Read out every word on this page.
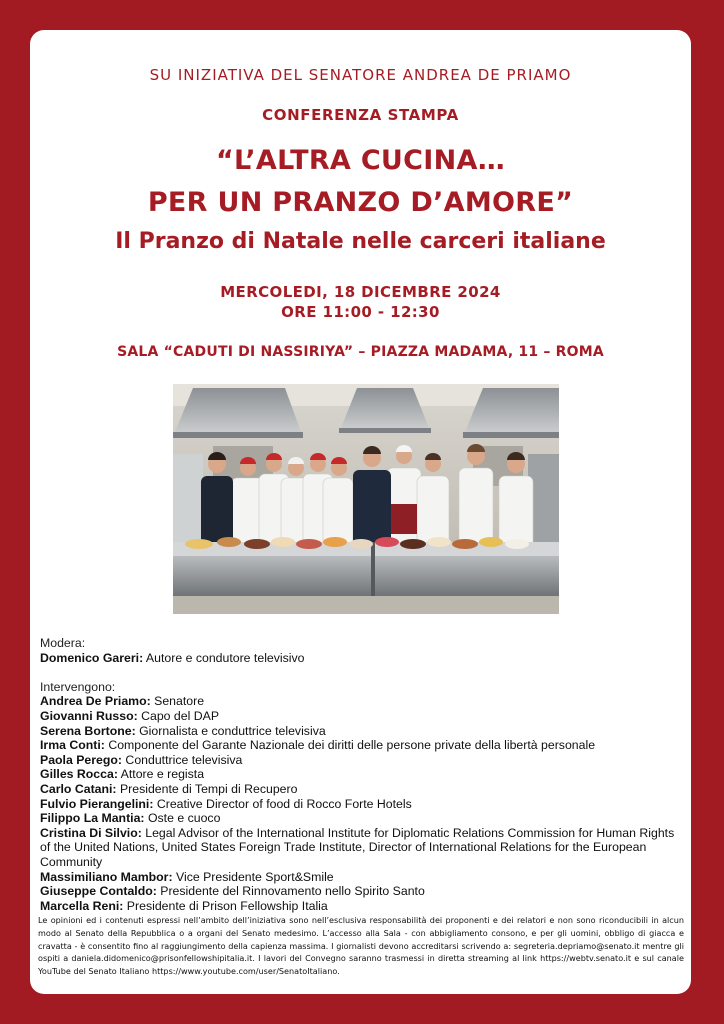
SU INIZIATIVA DEL SENATORE ANDREA DE PRIAMO
CONFERENZA STAMPA
“L’ALTRA CUCINA…
PER UN PRANZO D’AMORE”
Il Pranzo di Natale nelle carceri italiane
MERCOLEDI, 18 DICEMBRE 2024
ORE 11:00 - 12:30
SALA “CADUTI DI NASSIRIYA” – PIAZZA MADAMA, 11 – ROMA
Modera:
Domenico Gareri: Autore e condutore televisivo
Intervengono:
Andrea De Priamo: Senatore
Giovanni Russo: Capo del DAP
Serena Bortone: Giornalista e conduttrice televisiva
Irma Conti: Componente del Garante Nazionale dei diritti delle persone private della libertà personale
Paola Perego: Conduttrice televisiva
Gilles Rocca: Attore e regista
Carlo Catani: Presidente di Tempi di Recupero
Fulvio Pierangelini: Creative Director of food di Rocco Forte Hotels
Filippo La Mantia: Oste e cuoco
Cristina Di Silvio: Legal Advisor of the International Institute for Diplomatic Relations Commission for Human Rights of the United Nations, United States Foreign Trade Institute, Director of International Relations for the European Community
Massimiliano Mambor: Vice Presidente Sport&Smile
Giuseppe Contaldo: Presidente del Rinnovamento nello Spirito Santo
Marcella Reni: Presidente di Prison Fellowship Italia
Le opinioni ed i contenuti espressi nell’ambito dell’iniziativa sono nell’esclusiva responsabilità dei proponenti e dei relatori e non sono riconducibili in alcun modo al Senato della Repubblica o a organi del Senato medesimo. L’accesso alla Sala - con abbigliamento consono, e per gli uomini, obbligo di giacca e cravatta - è consentito fino al raggiungimento della capienza massima. I giornalisti devono accreditarsi scrivendo a: segreteria.depriamo@senato.it mentre gli ospiti a daniela.didomenico@prisonfellowshipitalia.it. I lavori del Convegno saranno trasmessi in diretta streaming al link https://webtv.senato.it e sul canale YouTube del Senato Italiano https://www.youtube.com/user/SenatoItaliano.
